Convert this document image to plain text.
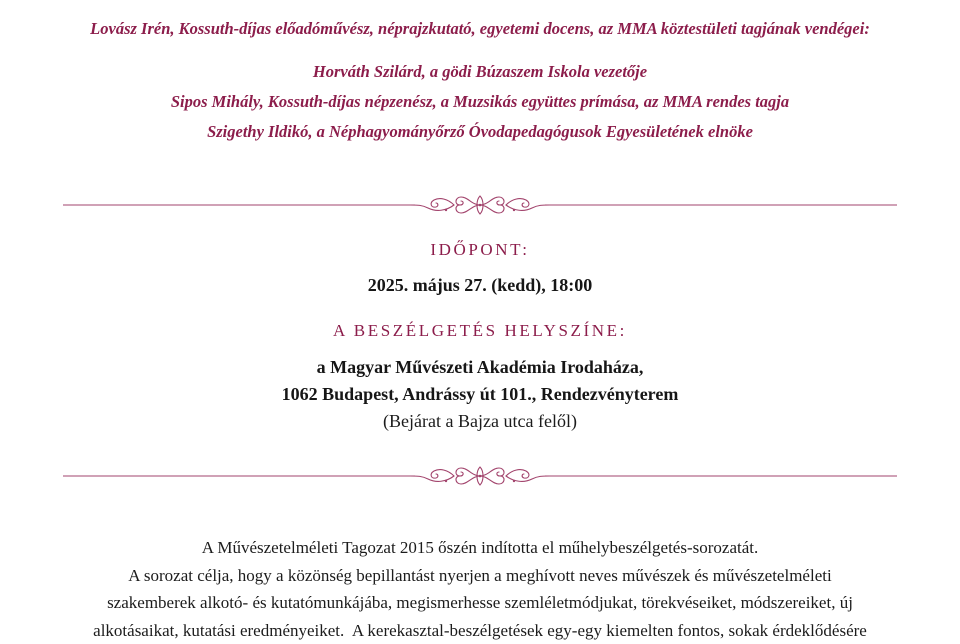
Lovász Irén, Kossuth-díjas előadóművész, néprajzkutató, egyetemi docens, az MMA köztestületi tagjának vendégei:
Horváth Szilárd, a gödi Búzaszem Iskola vezetője
Sipos Mihály, Kossuth-díjas népzenész, a Muzsikás együttes prímása, az MMA rendes tagja
Szigethy Ildikó, a Néphagyományőrző Óvodapedagógusok Egyesületének elnöke
IDŐPONT:
2025. május 27. (kedd), 18:00
A BESZÉLGETÉS HELYSZÍNE:
a Magyar Művészeti Akadémia Irodaháza,
1062 Budapest, Andrássy út 101., Rendezvényterem
(Bejárat a Bajza utca felől)
A Művészetelméleti Tagozat 2015 őszén indította el műhelybeszélgetés-sorozatát.
A sorozat célja, hogy a közönség bepillantást nyerjen a meghívott neves művészek és művészetelméleti
szakemberek alkotó- és kutatómunkájába, megismerhesse szemléletmódjukat, törekvéseiket, módszereiket, új
alkotásaikat, kutatási eredményeiket.  A kerekasztal-beszélgetések egy-egy kiemelten fontos, sokak érdeklődésére
